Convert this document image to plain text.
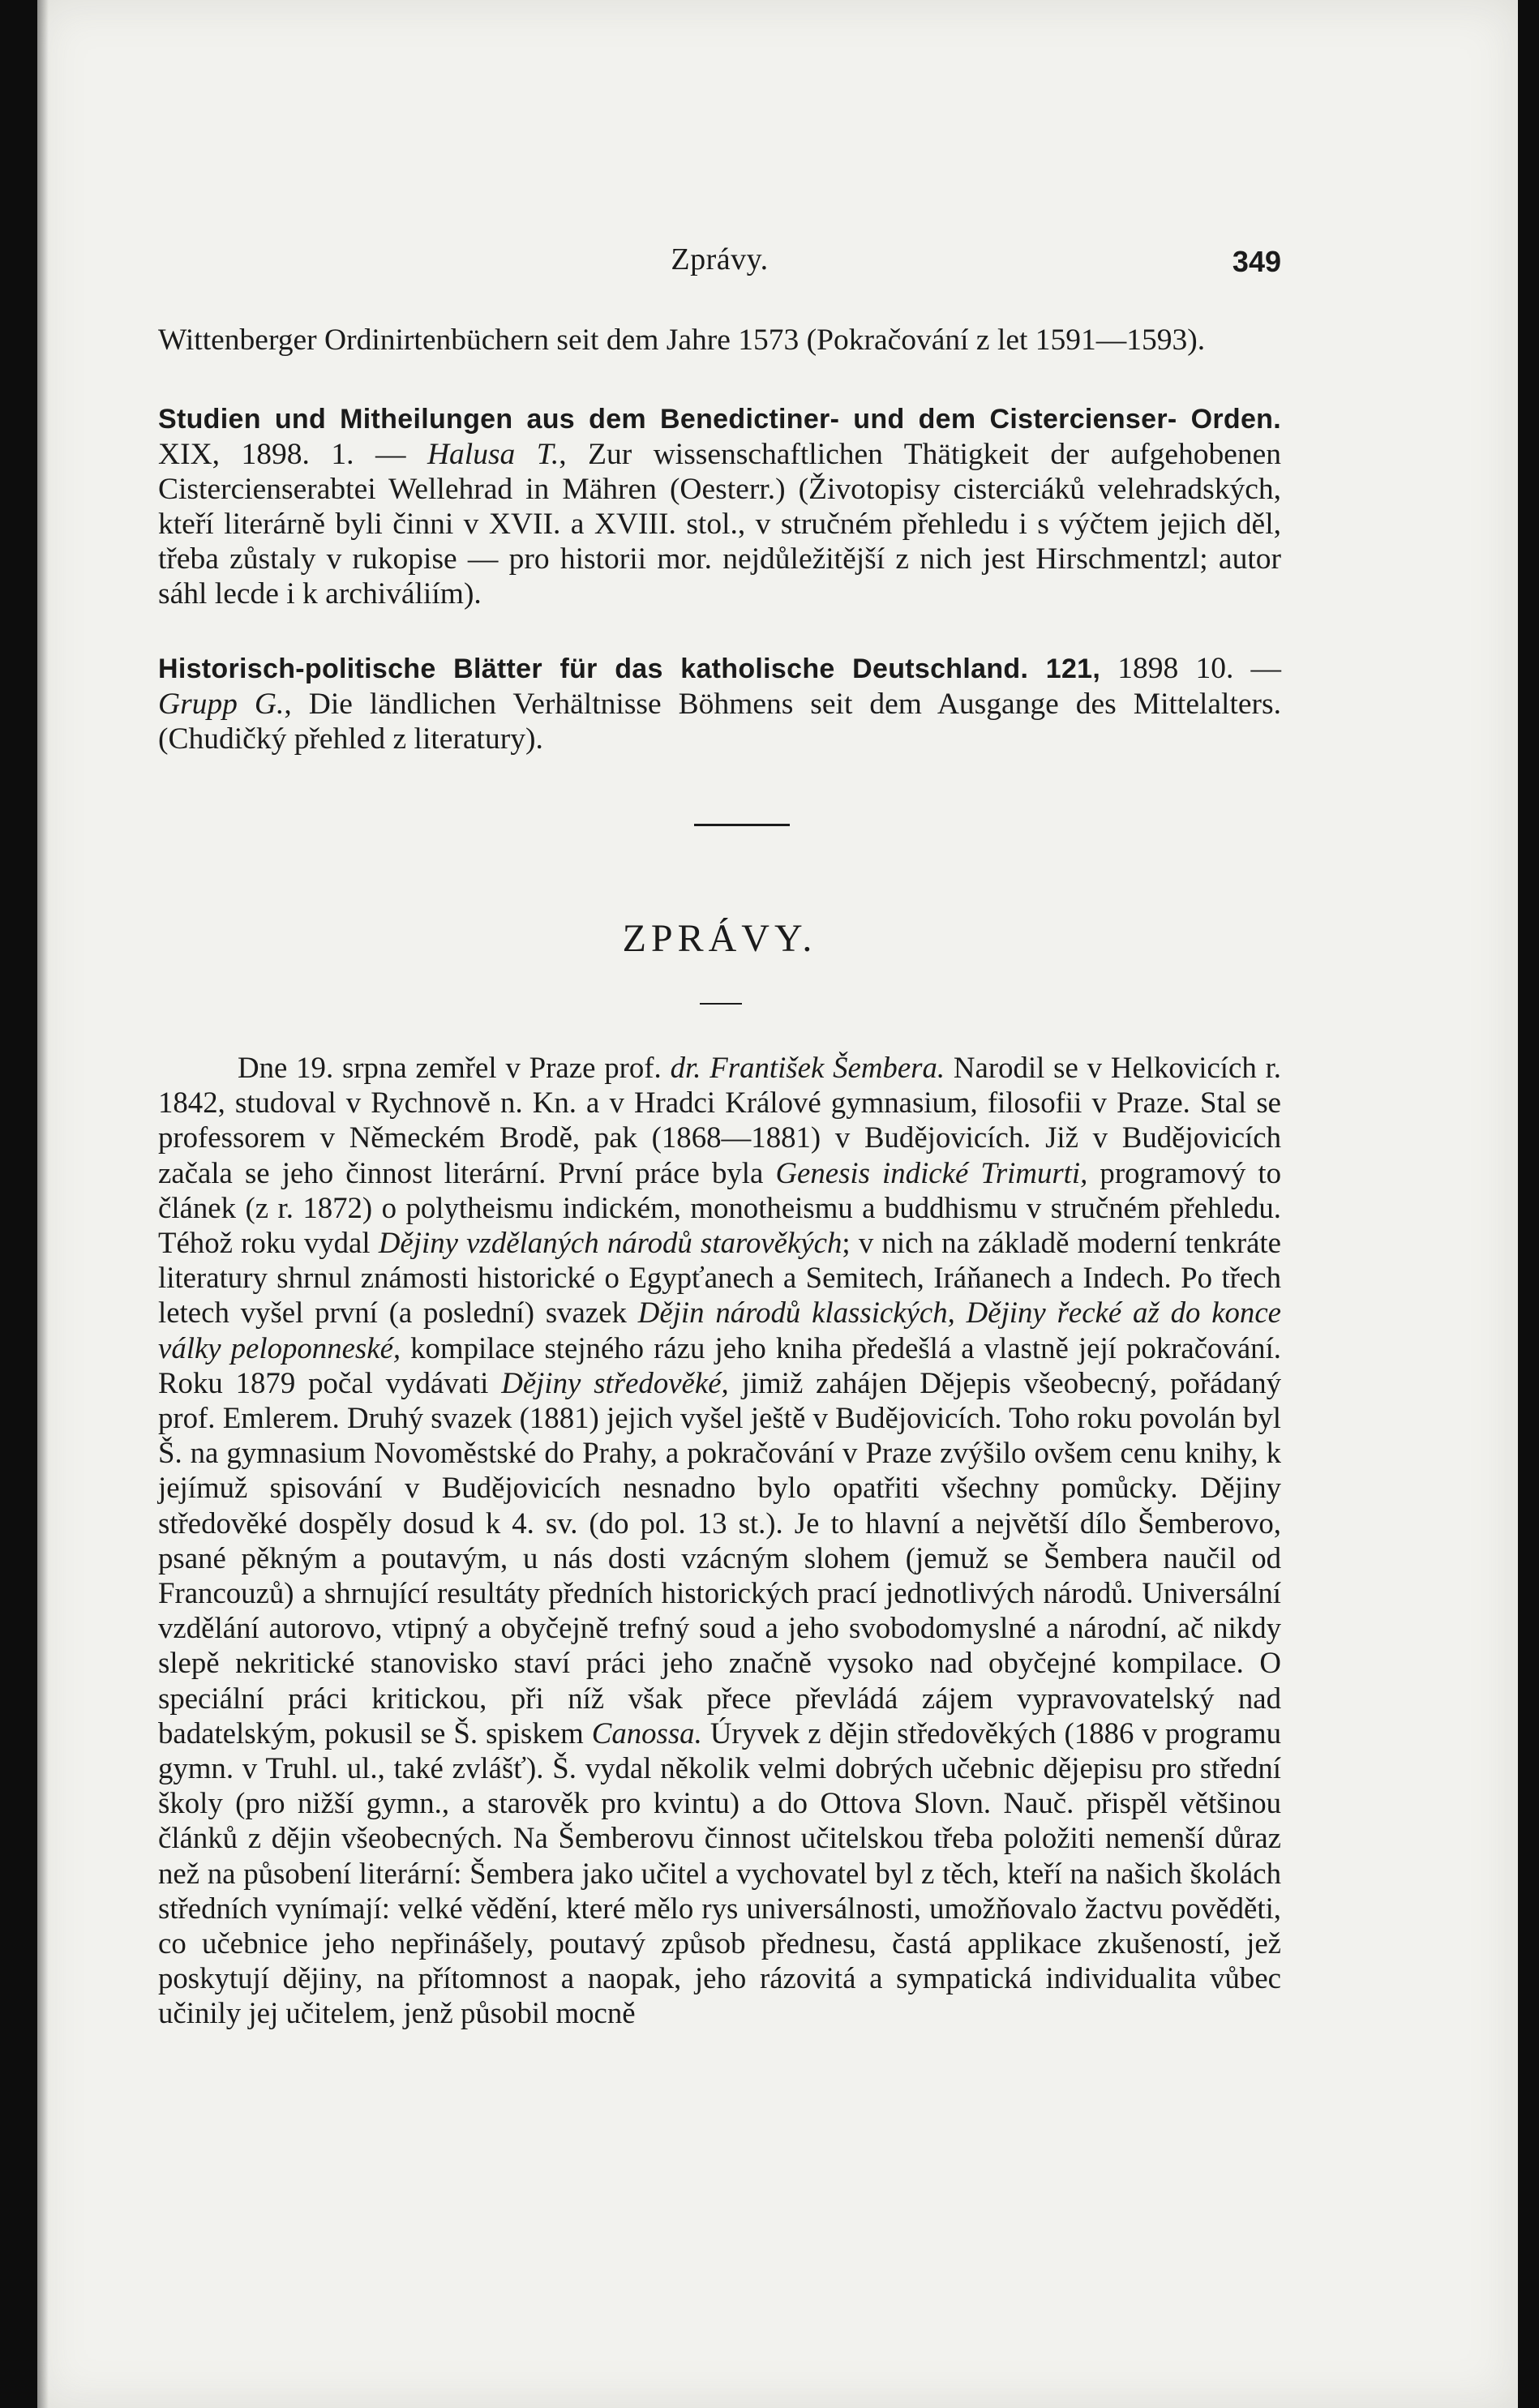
Zprávy.	349

Wittenberger Ordinirtenbüchern seit dem Jahre 1573 (Pokračování z let 1591—1593).

Studien und Mitheilungen aus dem Benedictiner- und dem Cistercienser- Orden. XIX, 1898. 1. — Halusa T., Zur wissenschaftlichen Thätigkeit der aufgehobenen Cistercienserabtei Wellehrad in Mähren (Oesterr.) (Životopisy cisterciáků velehradských, kteří literárně byli činni v XVII. a XVIII. stol., v stručném přehledu i s výčtem jejich děl, třeba zůstaly v rukopise — pro historii mor. nejdůležitější z nich jest Hirschmentzl; autor sáhl lecde i k archiváliím).

Historisch-politische Blätter für das katholische Deutschland. 121, 1898 10. — Grupp G., Die ländlichen Verhältnisse Böhmens seit dem Ausgange des Mittelalters. (Chudičký přehled z literatury).

ZPRÁVY.
Dne 19. srpna zemřel v Praze prof. dr. František Šembera. Narodil se v Helkovicích r. 1842, studoval v Rychnově n. Kn. a v Hradci Králové gymnasium, filosofii v Praze. Stal se professorem v Německém Brodě, pak (1868—1881) v Budějovicích. Již v Budějovicích začala se jeho činnost literární. První práce byla Genesis indické Trimurti, programový to článek (z r. 1872) o polytheismu indickém, monotheismu a buddhismu v stručném přehledu. Téhož roku vydal Dějiny vzdělaných národů starověkých; v nich na základě moderní tenkráte literatury shrnul známosti historické o Egypťanech a Semitech, Iráňanech a Indech. Po třech letech vyšel první (a poslední) svazek Dějin národů klassických, Dějiny řecké až do konce války peloponneské, kompilace stejného rázu jeho kniha předešlá a vlastně její pokračování. Roku 1879 počal vydávati Dějiny středověké, jimiž zahájen Dějepis všeobecný, pořádaný prof. Emlerem. Druhý svazek (1881) jejich vyšel ještě v Budějovicích. Toho roku povolán byl Š. na gymnasium Novoměstské do Prahy, a pokračování v Praze zvýšilo ovšem cenu knihy, k jejímuž spisování v Budějovicích nesnadno bylo opatřiti všechny pomůcky. Dějiny středověké dospěly dosud k 4. sv. (do pol. 13 st.). Je to hlavní a největší dílo Šemberovo, psané pěkným a poutavým, u nás dosti vzácným slohem (jemuž se Šembera naučil od Francouzů) a shrnující resultáty předních historických prací jednotlivých národů. Universální vzdělání autorovo, vtipný a obyčejně trefný soud a jeho svobodomyslné a národní, ač nikdy slepě nekritické stanovisko staví práci jeho značně vysoko nad obyčejné kompilace. O speciální práci kritickou, při níž však přece převládá zájem vypravovatelský nad badatelským, pokusil se Š. spiskem Canossa. Úryvek z dějin středověkých (1886 v programu gymn. v Truhl. ul., také zvlášť). Š. vydal několik velmi dobrých učebnic dějepisu pro střední školy (pro nižší gymn., a starověk pro kvintu) a do Ottova Slovn. Nauč. přispěl většinou článků z dějin všeobecných. Na Šemberovu činnost učitelskou třeba položiti nemenší důraz než na působení literární: Šembera jako učitel a vychovatel byl z těch, kteří na našich školách středních vynímají: velké vědění, které mělo rys universálnosti, umožňovalo žactvu pověděti, co učebnice jeho nepřinášely, poutavý způsob přednesu, častá applikace zkušeností, jež poskytují dějiny, na přítomnost a naopak, jeho rázovitá a sympatická individualita vůbec učinily jej učitelem, jenž působil mocně
